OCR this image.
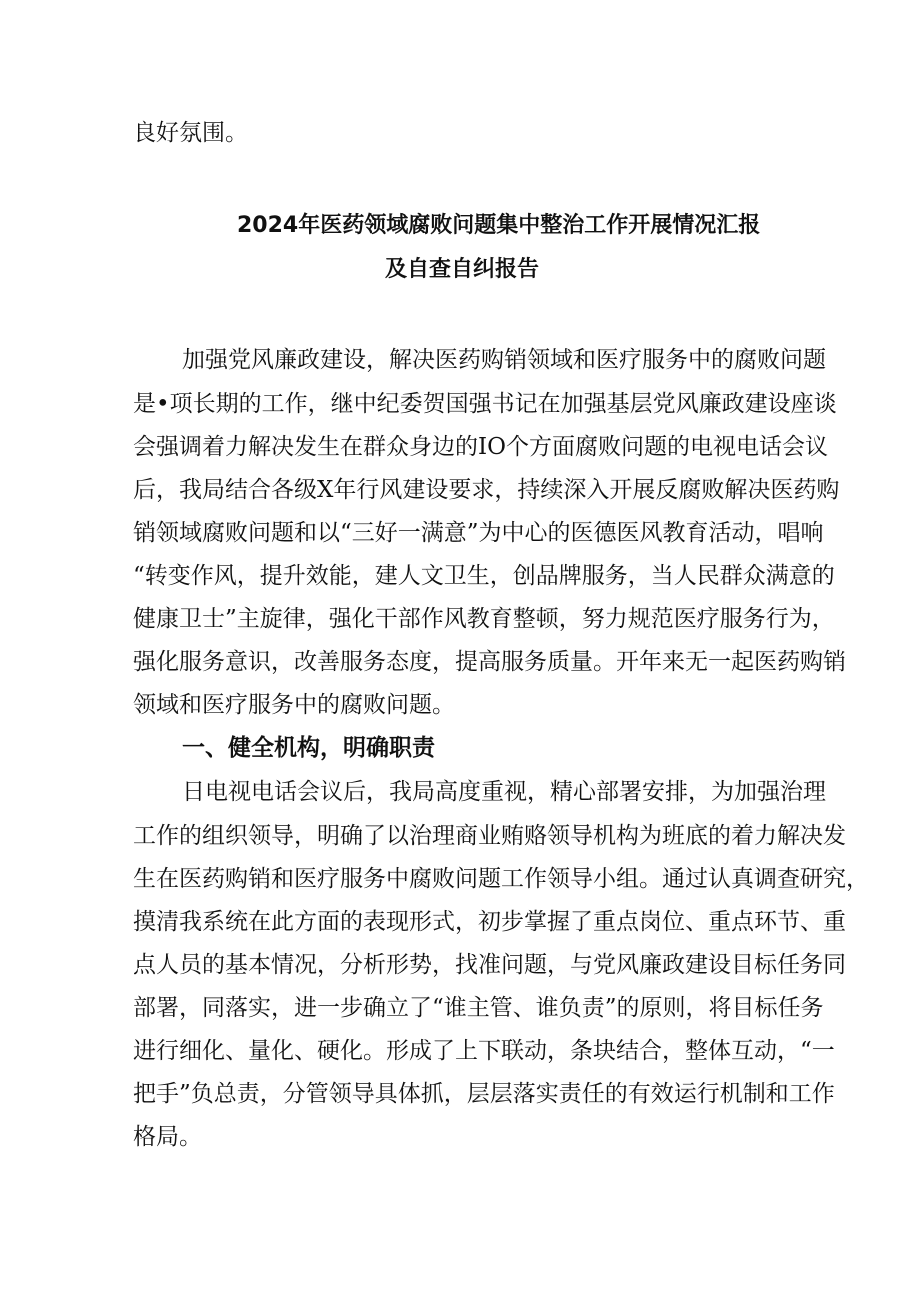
良好氛围。
2024年医药领域腐败问题集中整治工作开展情况汇报
及自查自纠报告
加强党风廉政建设，解决医药购销领域和医疗服务中的腐败问题
是•项长期的工作，继中纪委贺国强书记在加强基层党风廉政建设座谈
会强调着力解决发生在群众身边的IO个方面腐败问题的电视电话会议
后，我局结合各级X年行风建设要求，持续深入开展反腐败解决医药购
销领域腐败问题和以“三好一满意”为中心的医德医风教育活动，唱响
“转变作风，提升效能，建人文卫生，创品牌服务，当人民群众满意的
健康卫士”主旋律，强化干部作风教育整顿，努力规范医疗服务行为，
强化服务意识，改善服务态度，提高服务质量。开年来无一起医药购销
领域和医疗服务中的腐败问题。
一、健全机构，明确职责
日电视电话会议后，我局高度重视，精心部署安排，为加强治理
工作的组织领导，明确了以治理商业贿赂领导机构为班底的着力解决发
生在医药购销和医疗服务中腐败问题工作领导小组。通过认真调查研究，
摸清我系统在此方面的表现形式，初步掌握了重点岗位、重点环节、重
点人员的基本情况，分析形势，找准问题，与党风廉政建设目标任务同
部署，同落实，进一步确立了“谁主管、谁负责”的原则，将目标任务
进行细化、量化、硬化。形成了上下联动，条块结合，整体互动，“一
把手”负总责，分管领导具体抓，层层落实责任的有效运行机制和工作
格局。
